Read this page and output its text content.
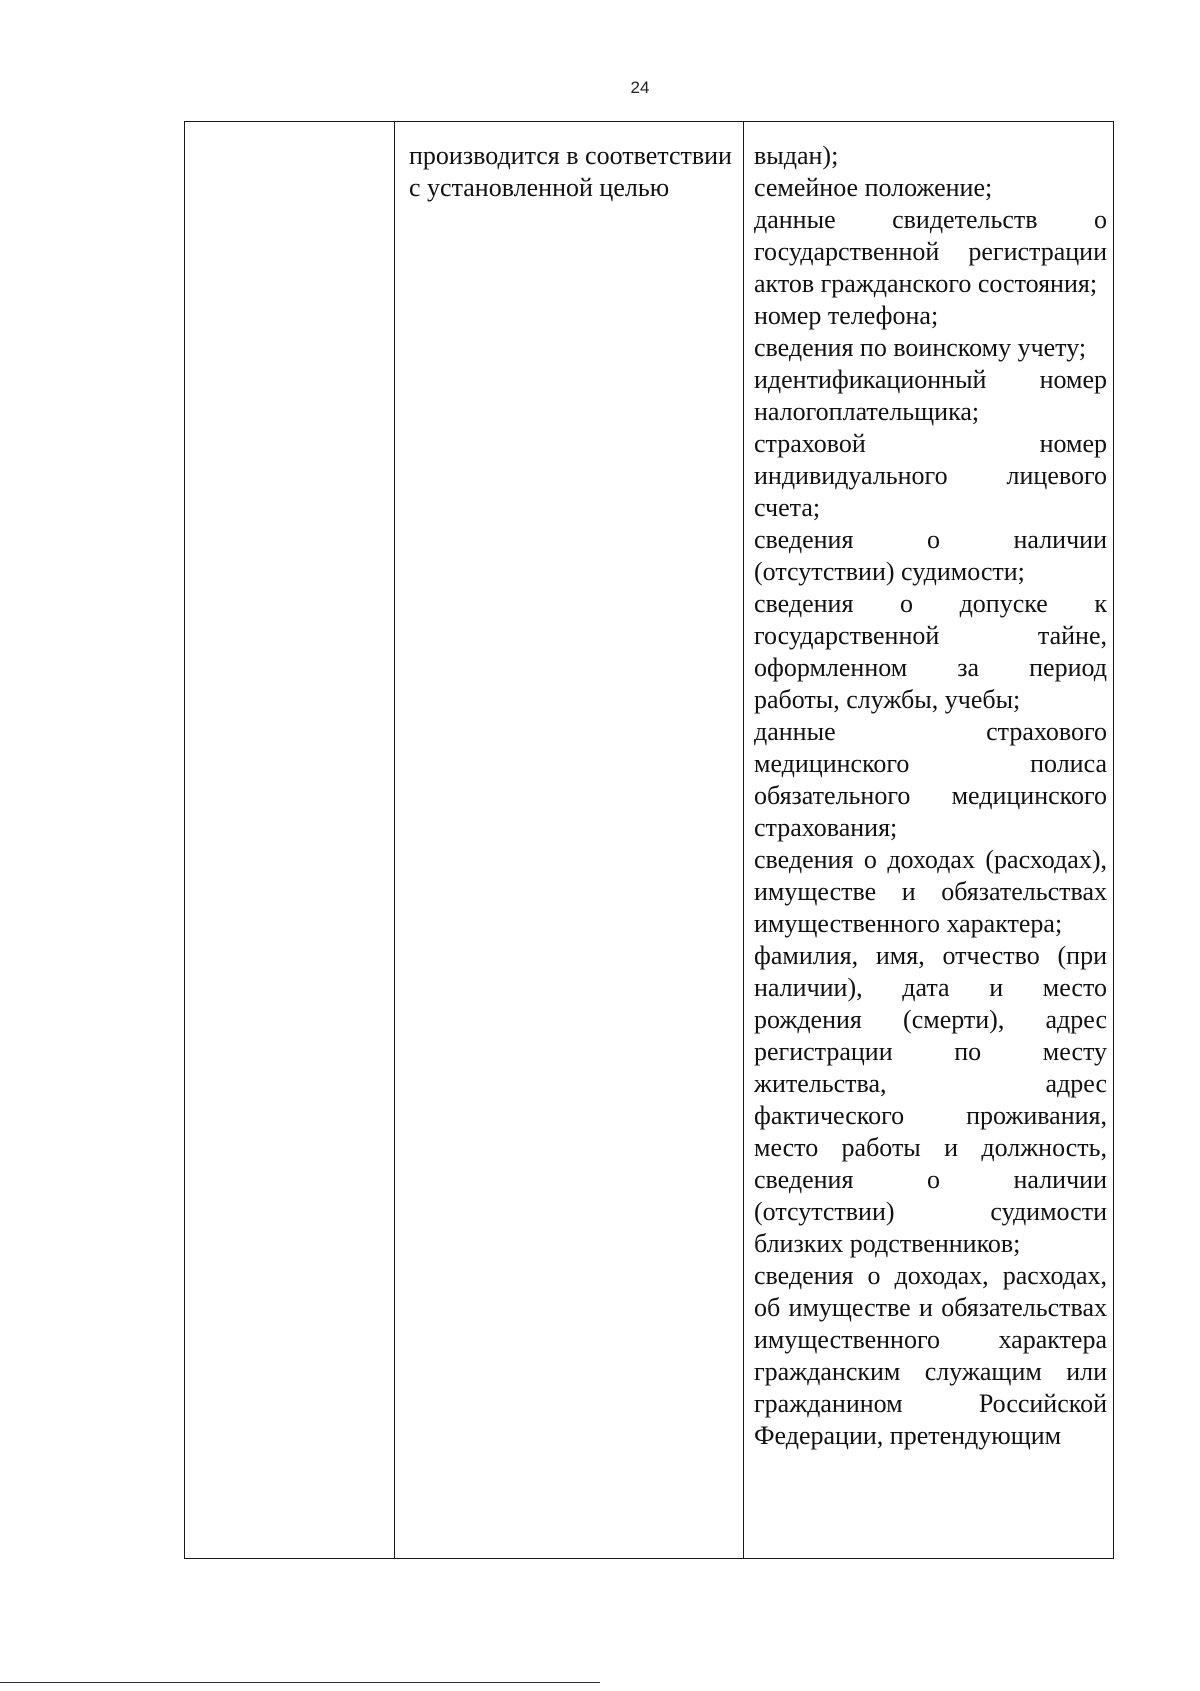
24

производится в соответствии с установленной целью

выдан);

семейное положение;

данные свидетельств о государственной регистрации актов гражданского состояния;

номер телефона;

сведения по воинскому учету;

идентификационный номер налогоплательщика;

страховой номер индивидуального лицевого счета;

сведения о наличии (отсутствии) судимости;

сведения о допуске к государственной тайне, оформленном за период работы, службы, учебы;

данные страхового медицинского полиса обязательного медицинского страхования;

сведения о доходах (расходах), имуществе и обязательствах имущественного характера;

фамилия, имя, отчество (при наличии), дата и место рождения (смерти), адрес регистрации по месту жительства, адрес фактического проживания, место работы и должность, сведения о наличии (отсутствии) судимости близких родственников;

сведения о доходах, расходах, об имуществе и обязательствах имущественного характера гражданским служащим или гражданином Российской Федерации, претендующим
